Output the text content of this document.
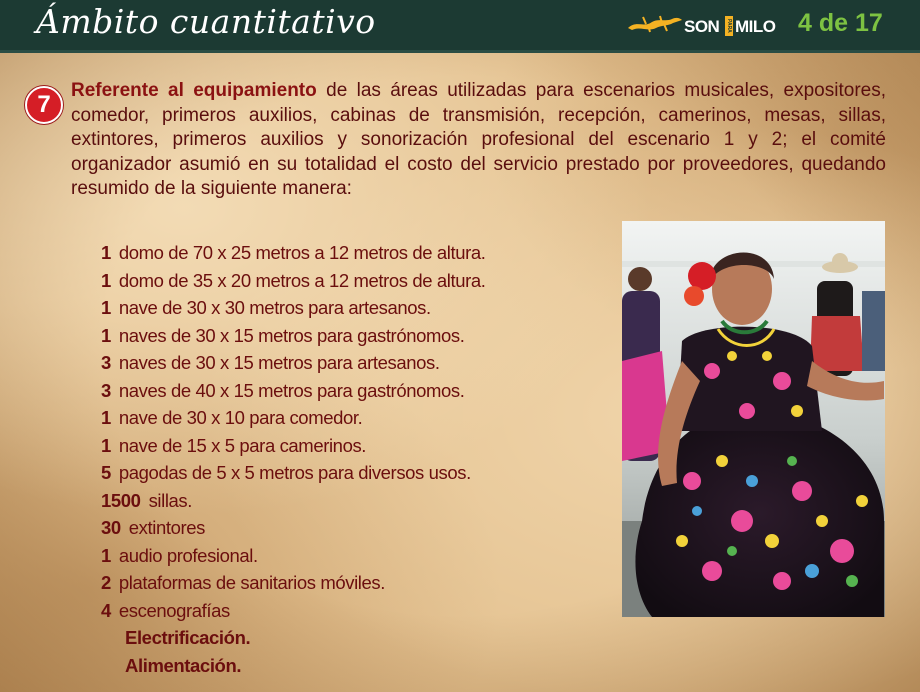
Ámbito cuantitativo	SON PARA MILO 4 de 17
7
Referente al equipamiento de las áreas utilizadas para escenarios musicales, expositores, comedor, primeros auxilios, cabinas de transmisión, recepción, camerinos, mesas, sillas, extintores, primeros auxilios y sonorización profesional del escenario 1 y 2; el comité organizador asumió en su totalidad el costo del servicio prestado por proveedores, quedando resumido de la siguiente manera:
1 domo de 70 x 25 metros a 12 metros de altura.
1 domo de 35 x 20 metros a 12 metros de altura.
1 nave de 30 x 30 metros para artesanos.
1 naves de 30 x 15 metros para gastrónomos.
3 naves de 30 x 15 metros para artesanos.
3 naves de 40 x 15 metros para gastrónomos.
1 nave de 30 x 10 para comedor.
1 nave de 15 x 5 para camerinos.
5 pagodas de 5 x 5 metros para diversos usos.
1500 sillas.
30 extintores
1 audio profesional.
2 plataformas de sanitarios móviles.
4 escenografías
Electrificación.
Alimentación.
